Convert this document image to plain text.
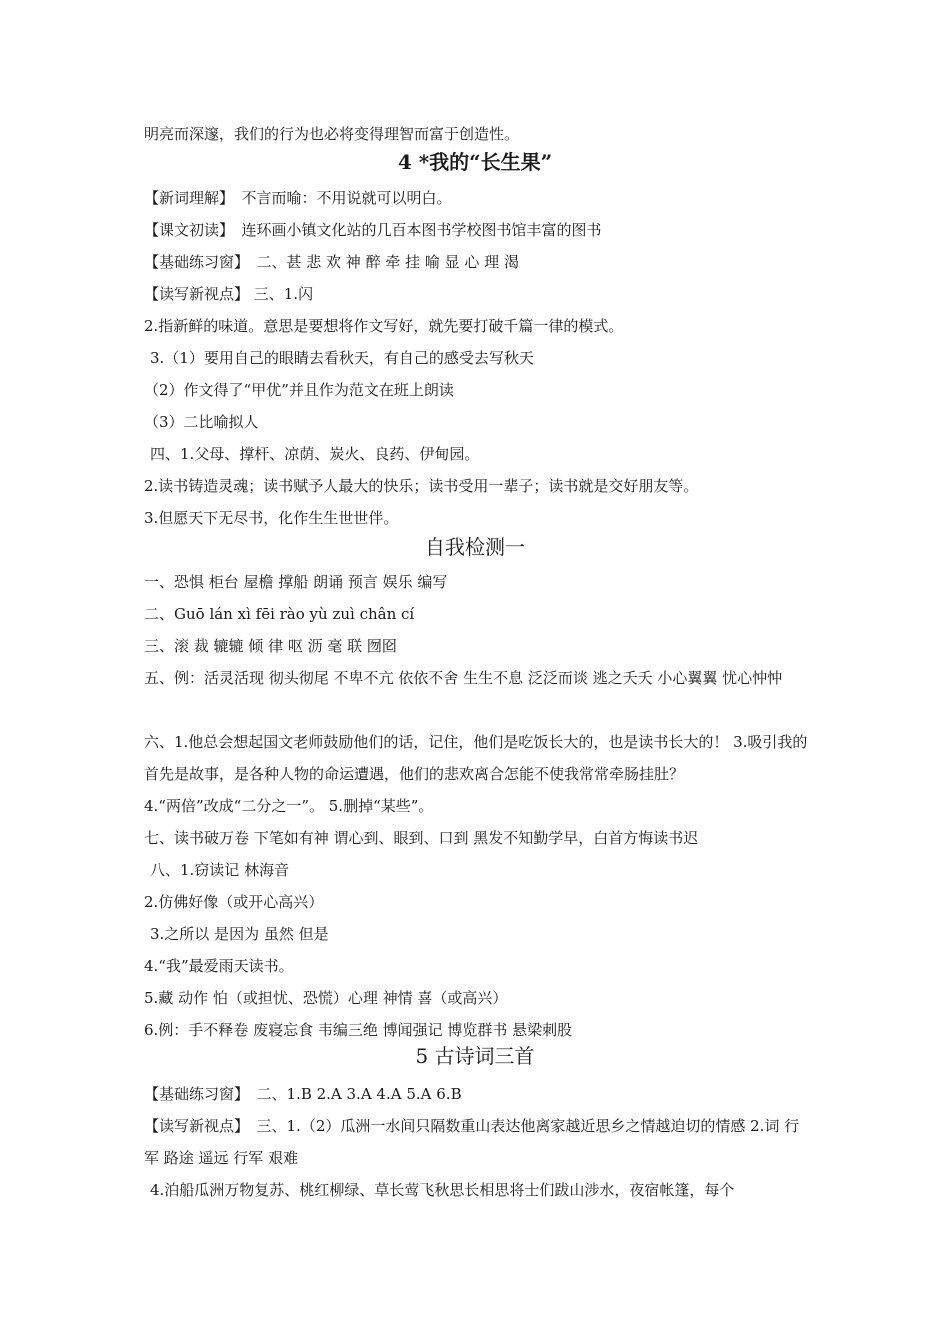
明亮而深邃，我们的行为也必将变得理智而富于创造性。
4 *我的“长生果”
【新词理解】　不言而喻：不用说就可以明白。
【课文初读】　连环画小镇文化站的几百本图书学校图书馆丰富的图书
【基础练习窗】　二、甚 悲 欢 神 醉 牵 挂 喻 显 心 理 渴
【读写新视点】 三、1.闪
2.指新鲜的味道。意思是要想将作文写好，就先要打破千篇一律的模式。
3.（1）要用自己的眼睛去看秋天，有自己的感受去写秋天
（2）作文得了“甲优”并且作为范文在班上朗读
（3）二比喻拟人
四、1.父母、撑杆、凉荫、炭火、良药、伊甸园。
2.读书铸造灵魂；读书赋予人最大的快乐；读书受用一辈子；读书就是交好朋友等。
3.但愿天下无尽书，化作生生世世伴。
自我检测一
一、恐惧 柜台 屋檐 撑船 朗诵 预言 娱乐 编写
二、Guō lán xì fēi rào yù zuì chân cí
三、滚 裁 辘辘 倾 律 呕 沥 毫 联 囫囵
五、例：活灵活现 彻头彻尾 不卑不亢 依依不舍 生生不息 泛泛而谈 逃之夭夭 小心翼翼 忧心忡忡
六、1.他总会想起国文老师鼓励他们的话，记住，他们是吃饭长大的，也是读书长大的！ 3.吸引我的首先是故事，是各种人物的命运遭遇，他们的悲欢离合怎能不使我常常牵肠挂肚？
4.“两倍”改成“二分之一”。 5.删掉“某些”。
七、读书破万卷 下笔如有神 谓心到、眼到、口到 黑发不知勤学早，白首方悔读书迟
八、1.窃读记 林海音
2.仿佛好像（或开心高兴）
3.之所以 是因为 虽然 但是
4.“我”最爱雨天读书。
5.藏 动作 怕（或担忧、恐慌）心理 神情 喜（或高兴）
6.例：手不释卷 废寝忘食 韦编三绝 博闻强记 博览群书 悬梁刺股
5 古诗词三首
【基础练习窗】　二、1.B 2.A 3.A 4.A 5.A 6.B
【读写新视点】　三、1.（2）瓜洲一水间只隔数重山表达他离家越近思乡之情越迫切的情感 2.词 行军 路途 遥远 行军 艰难
4.泊船瓜洲万物复苏、桃红柳绿、草长莺飞秋思长相思将士们跋山涉水，夜宿帐篷，每个
